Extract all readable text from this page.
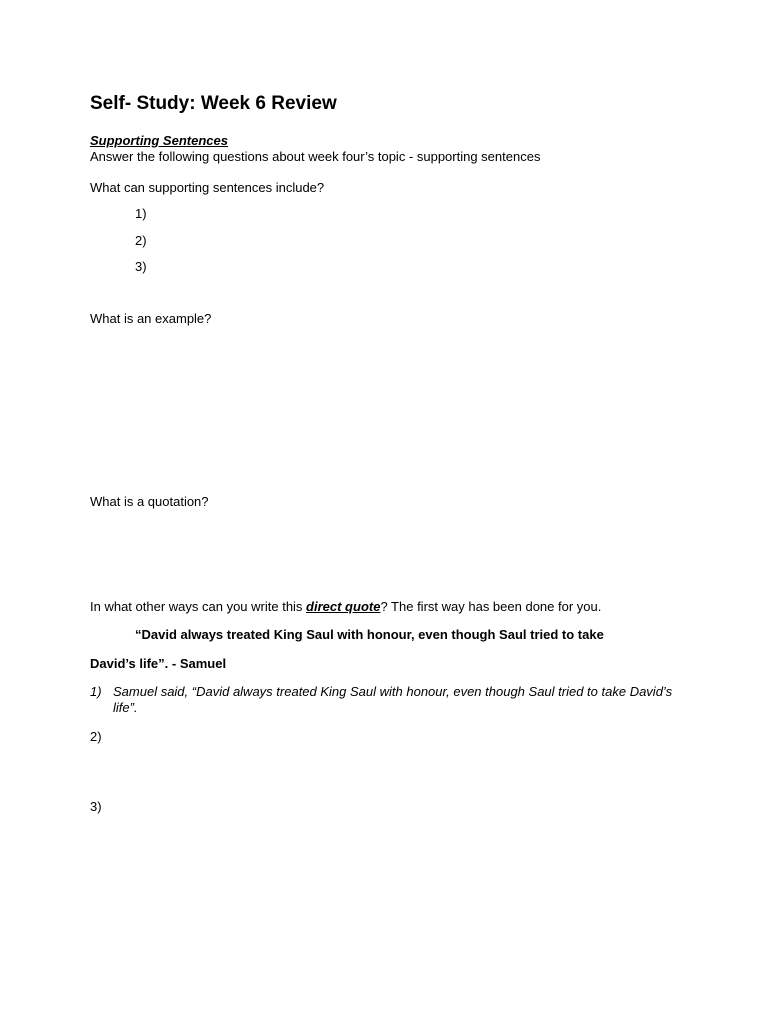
Self- Study: Week 6 Review
Supporting Sentences
Answer the following questions about week four’s topic - supporting sentences
What can supporting sentences include?
1)
2)
3)
What is an example?
What is a quotation?
In what other ways can you write this direct quote? The first way has been done for you.
“David always treated King Saul with honour, even though Saul tried to take
David’s life”. - Samuel
1) Samuel said, “David always treated King Saul with honour, even though Saul tried to take David’s life”.
2)
3)
